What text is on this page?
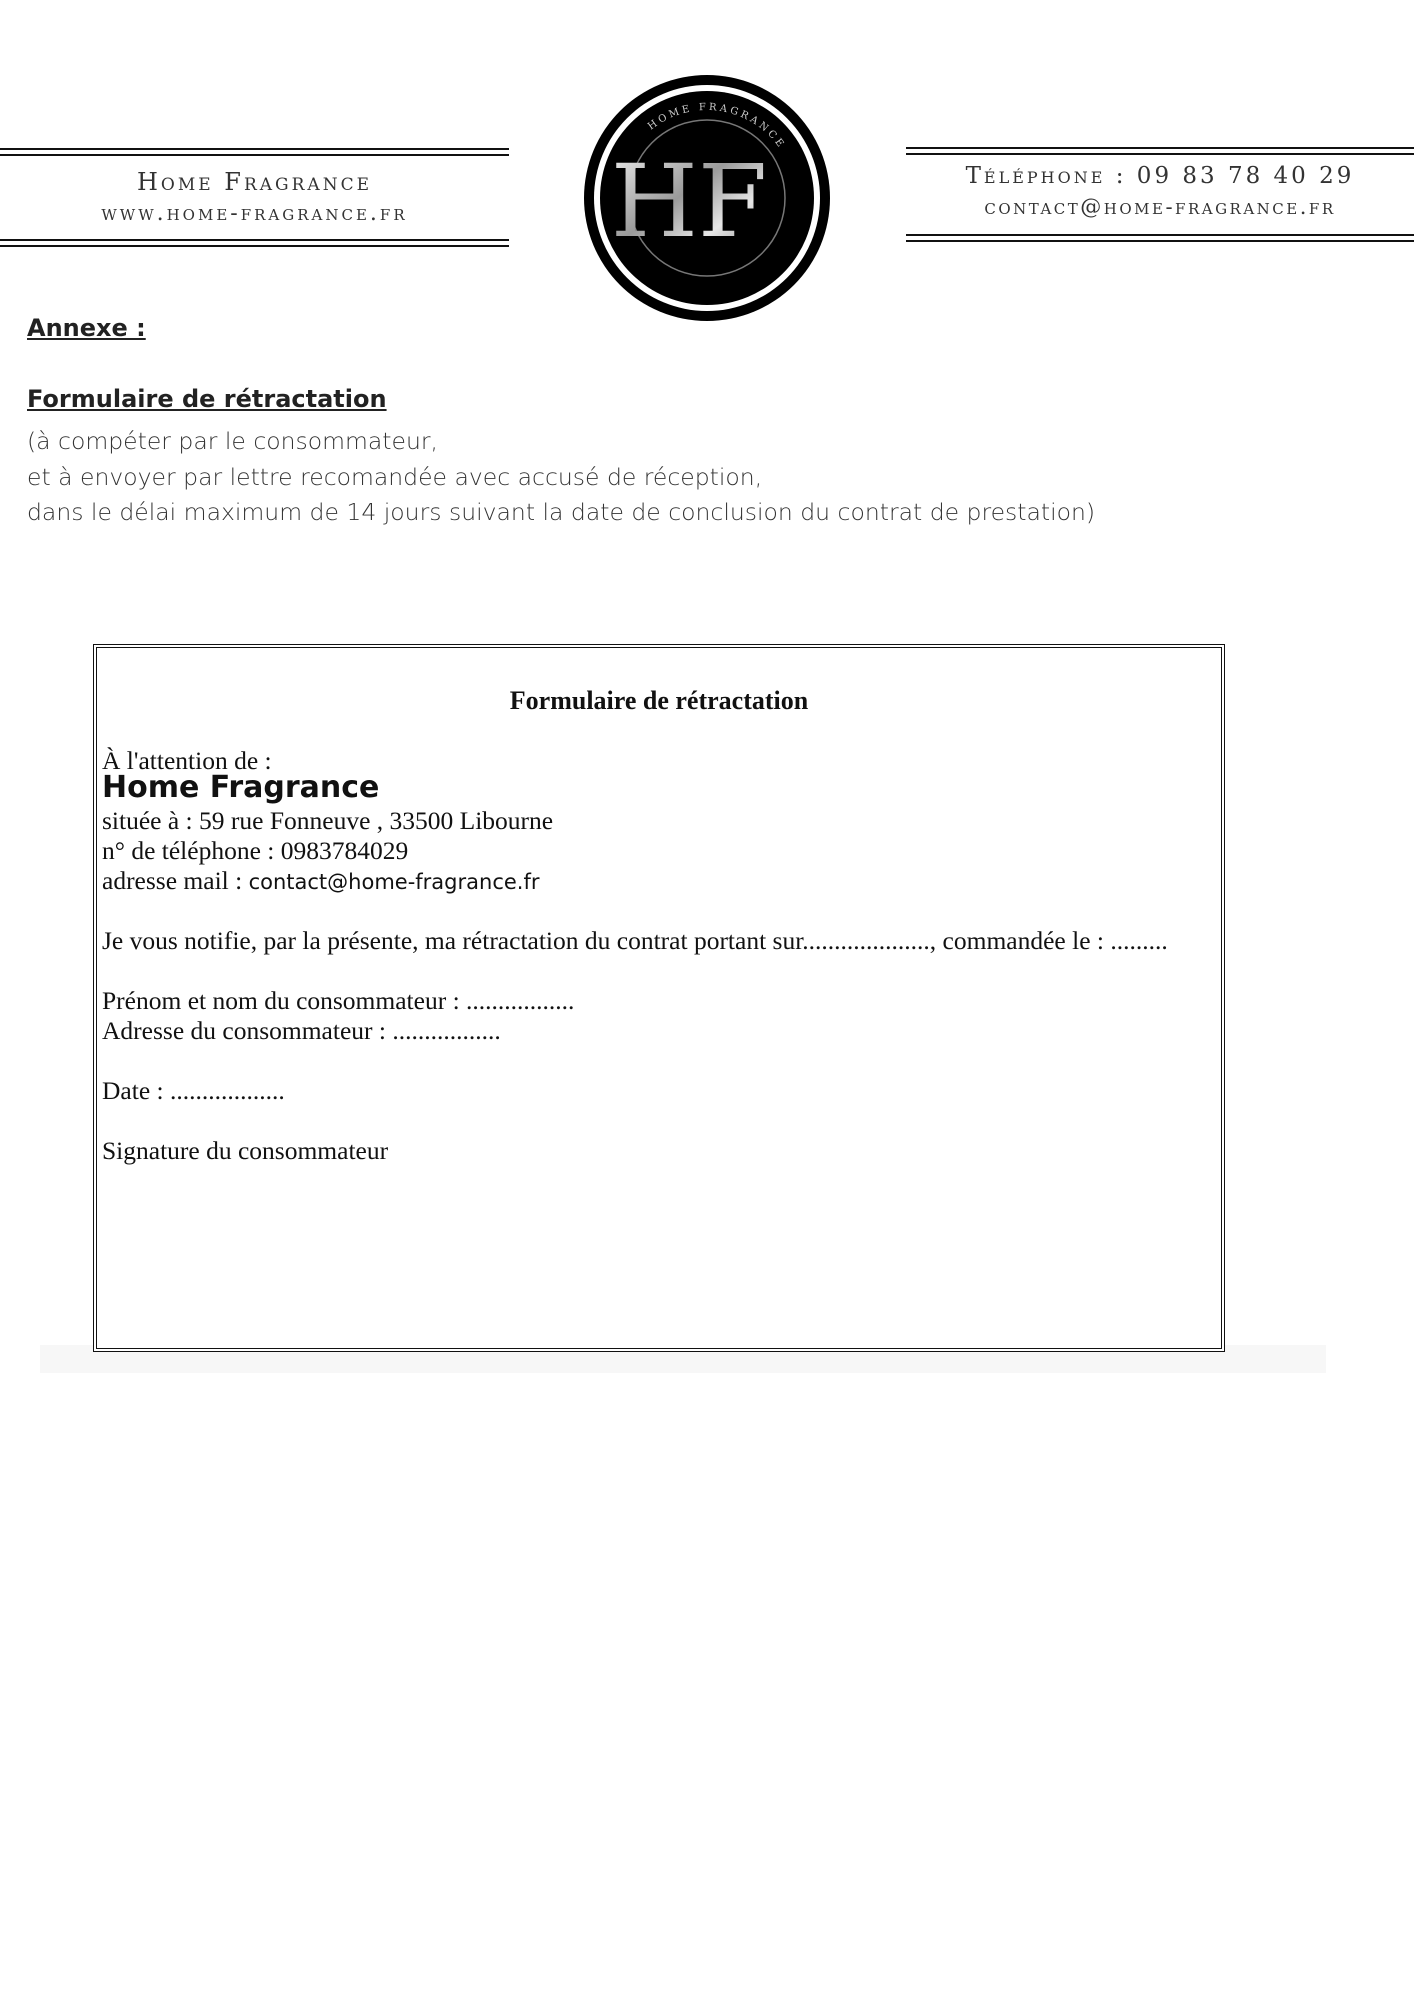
Home Fragrance
www.home-fragrance.fr
HOME FRAGRANCE
HF	Téléphone : 09 83 78 40 29
contact@home-fragrance.fr
Annexe :
Formulaire de rétractation
(à compéter par le consommateur,
et à envoyer par lettre recomandée avec accusé de réception,
dans le délai maximum de 14 jours suivant la date de conclusion du contrat de prestation)
Formulaire de rétractation
À l'attention de :
Home Fragrance
située à : 59 rue Fonneuve , 33500 Libourne
n° de téléphone : 0983784029
adresse mail : contact@home-fragrance.fr
Je vous notifie, par la présente, ma rétractation du contrat portant sur...................., commandée le : .........
Prénom et nom du consommateur : .................
Adresse du consommateur : .................
Date : ..................
Signature du consommateur
